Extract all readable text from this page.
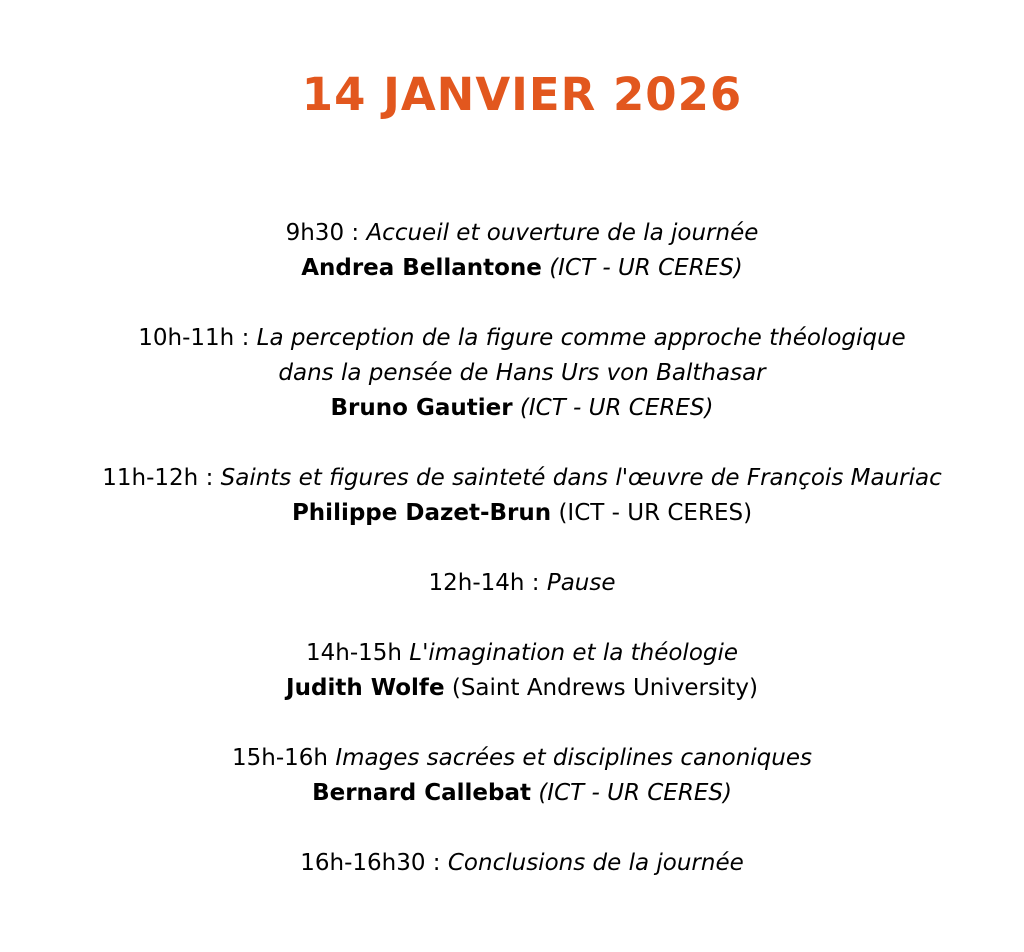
14 JANVIER 2026
9h30 : Accueil et ouverture de la journée
Andrea Bellantone (ICT - UR CERES)
10h-11h : La perception de la figure comme approche théologique
dans la pensée de Hans Urs von Balthasar
Bruno Gautier (ICT - UR CERES)
11h-12h : Saints et figures de sainteté dans l'œuvre de François Mauriac
Philippe Dazet-Brun (ICT - UR CERES)
12h-14h : Pause
14h-15h L'imagination et la théologie
Judith Wolfe (Saint Andrews University)
15h-16h Images sacrées et disciplines canoniques
Bernard Callebat (ICT - UR CERES)
16h-16h30 : Conclusions de la journée
